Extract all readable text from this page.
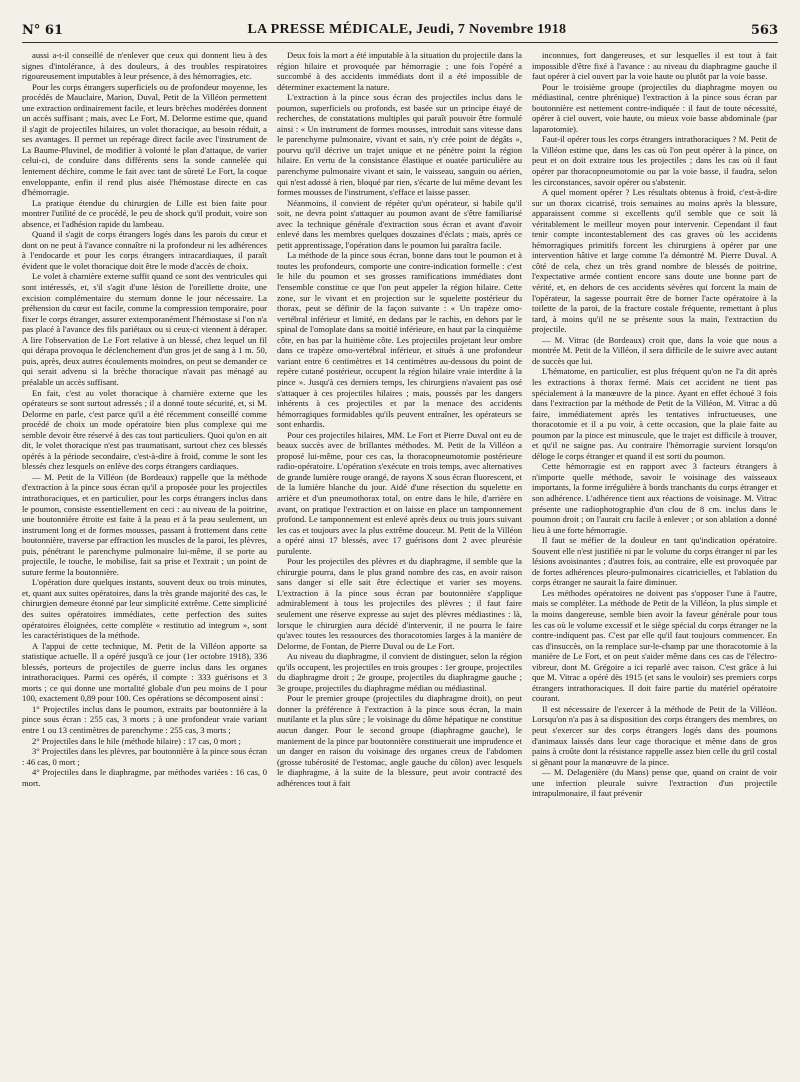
N° 61	LA PRESSE MÉDICALE, Jeudi, 7 Novembre 1918	563

aussi a-t-il conseillé de n'enlever que ceux qui donnent lieu à des signes d'intolérance, à des douleurs, à des troubles respiratoires rigoureusement imputables à leur présence, à des hémorragies, etc.

Pour les corps étrangers superficiels ou de profondeur moyenne, les procédés de Mauclaire, Marion, Duval, Petit de la Villéon permettent une extraction ordinairement facile, et leurs brèches modérées donnent un accès suffisant ; mais, avec Le Fort, M. Delorme estime que, quand il s'agit de projectiles hilaires, un volet thoracique, au besoin réduit, a ses avantages. Il permet un repérage direct facile avec l'instrument de La Baume-Pluvinel, de modifier à volonté le plan d'attaque, de varier celui-ci, de conduire dans différents sens la sonde cannelée qui lentement déchire, comme le fait avec tant de sûreté Le Fort, la coque enveloppante, enfin il rend plus aisée l'hémostase directe en cas d'hémorragie.

La pratique étendue du chirurgien de Lille est bien faite pour montrer l'utilité de ce procédé, le peu de shock qu'il produit, voire son absence, et l'adhésion rapide du lambeau.

Quand il s'agit de corps étrangers logés dans les parois du cœur et dont on ne peut à l'avance connaître ni la profondeur ni les adhérences à l'endocarde et pour les corps étrangers intracardiaques, il paraît évident que le volet thoracique doit être le mode d'accès de choix.

Le volet à charnière externe suffit quand ce sont des ventricules qui sont intéressés, et, s'il s'agit d'une lésion de l'oreillette droite, une excision complémentaire du sternum donne le jour nécessaire. La préhension du cœur est facile, comme la compression temporaire, pour fixer le corps étranger, assurer extemporanément l'hémostase si l'on n'a pas placé à l'avance des fils pariétaux ou si ceux-ci viennent à déraper. A lire l'observation de Le Fort relative à un blessé, chez lequel un fil qui dérapa provoqua le déclenchement d'un gros jet de sang à 1 m. 50, puis, après, deux autres écoulements moindres, on peut se demander ce qui serait advenu si la brèche thoracique n'avait pas ménagé au préalable un accès suffisant.

En fait, c'est au volet thoracique à charnière externe que les opérateurs se sont surtout adressés ; il a donné toute sécurité, et, si M. Delorme en parle, c'est parce qu'il a été récemment conseillé comme procédé de choix un mode opératoire bien plus complexe qui me semble devoir être réservé à des cas tout particuliers. Quoi qu'on en ait dit, le volet thoracique n'est pas traumatisant, surtout chez ces blessés opérés à la période secondaire, c'est-à-dire à froid, comme le sont les blessés chez lesquels on enlève des corps étrangers cardiaques.

— M. Petit de la Villéon (de Bordeaux) rappelle que la méthode d'extraction à la pince sous écran qu'il a proposée pour les projectiles intrathoraciques, et en particulier, pour les corps étrangers inclus dans le poumon, consiste essentiellement en ceci : au niveau de la poitrine, une boutonnière étroite est faite à la peau et à la peau seulement, un instrument long et de formes mousses, passant à frottement dans cette boutonnière, traverse par effraction les muscles de la paroi, les plèvres, puis, pénétrant le parenchyme pulmonaire lui-même, il se porte au projectile, le touche, le mobilise, fait sa prise et l'extrait ; un point de suture ferme la boutonnière.

L'opération dure quelques instants, souvent deux ou trois minutes, et, quant aux suites opératoires, dans la très grande majorité des cas, le chirurgien demeure étonné par leur simplicité extrême. Cette simplicité des suites opératoires immédiates, cette perfection des suites opératoires éloignées, cette complète « restitutio ad integrum », sont les caractéristiques de la méthode.

A l'appui de cette technique, M. Petit de la Villéon apporte sa statistique actuelle. Il a opéré jusqu'à ce jour (1er octobre 1918), 336 blessés, porteurs de projectiles de guerre inclus dans les organes intrathoraciques. Parmi ces opérés, il compte : 333 guérisons et 3 morts ; ce qui donne une mortalité globale d'un peu moins de 1 pour 100, exactement 0,89 pour 100. Ces opérations se décomposent ainsi :

1° Projectiles inclus dans le poumon, extraits par boutonnière à la pince sous écran : 255 cas, 3 morts ; à une profondeur vraie variant entre 1 ou 13 centimètres de parenchyme : 255 cas, 3 morts ;

2° Projectiles dans le hile (méthode hilaire) : 17 cas, 0 mort ;

3° Projectiles dans les plèvres, par boutonnière à la pince sous écran : 46 cas, 0 mort ;

4° Projectiles dans le diaphragme, par méthodes variées : 16 cas, 0 mort.

Deux fois la mort a été imputable à la situation du projectile dans la région hilaire et provoquée par hémorragie ; une fois l'opéré a succombé à des accidents immédiats dont il a été impossible de déterminer exactement la nature.

L'extraction à la pince sous écran des projectiles inclus dans le poumon, superficiels ou profonds, est basée sur un principe étayé de recherches, de constatations multiples qui paraît pouvoir être formulé ainsi : « Un instrument de formes mousses, introduit sans vitesse dans le parenchyme pulmonaire, vivant et sain, n'y crée point de dégâts », pourvu qu'il décrive un trajet unique et ne pénètre point la région hilaire. En vertu de la consistance élastique et ouatée particulière au parenchyme pulmonaire vivant et sain, le vaisseau, sanguin ou aérien, qui n'est adossé à rien, bloqué par rien, s'écarte de lui même devant les formes mousses de l'instrument, s'efface et laisse passer.

Néanmoins, il convient de répéter qu'un opérateur, si habile qu'il soit, ne devra point s'attaquer au poumon avant de s'être familiarisé avec la technique générale d'extraction sous écran et avant d'avoir enlevé dans les membres quelques douzaines d'éclats ; mais, après ce petit apprentissage, l'opération dans le poumon lui paraîtra facile.

La méthode de la pince sous écran, bonne dans tout le poumon et à toutes les profondeurs, comporte une contre-indication formelle : c'est le hile du poumon et ses grosses ramifications immédiates dont l'ensemble constitue ce que l'on peut appeler la région hilaire. Cette zone, sur le vivant et en projection sur le squelette postérieur du thorax, peut se définir de la façon suivante : « Un trapèze omo-vertébral inférieur et limité, en dedans par le rachis, en dehors par le spinal de l'omoplate dans sa moitié inférieure, en haut par la cinquième côte, en bas par la huitième côte. Les projectiles projetant leur ombre dans ce trapèze omo-vertébral inférieur, et situés à une profondeur variant entre 6 centimètres et 14 centimètres au-dessous du point de repère cutané postérieur, occupent la région hilaire vraie interdite à la pince ». Jusqu'à ces derniers temps, les chirurgiens n'avaient pas osé s'attaquer à ces projectiles hilaires ; mais, poussés par les dangers inhérents à ces projectiles et par la menace des accidents hémorragiques formidables qu'ils peuvent entraîner, les opérateurs se sont enhardis.

Pour ces projectiles hilaires, MM. Le Fort et Pierre Duval ont eu de beaux succès avec de brillantes méthodes. M. Petit de la Villéon a proposé lui-même, pour ces cas, la thoracopneumotomie postérieure radio-opératoire. L'opération s'exécute en trois temps, avec alternatives de grande lumière rouge orangé, de rayons X sous écran fluorescent, et de la lumière blanche du jour. Aidé d'une résection du squelette en arrière et d'un pneumothorax total, on entre dans le hile, d'arrière en avant, on pratique l'extraction et on laisse en place un tamponnement profond. Le tamponnement est enlevé après deux ou trois jours suivant les cas et toujours avec la plus extrême douceur. M. Petit de la Villéon a opéré ainsi 17 blessés, avec 17 guérisons dont 2 avec pleurésie purulente.

Pour les projectiles des plèvres et du diaphragme, il semble que la chirurgie pourra, dans le plus grand nombre des cas, en avoir raison sans danger si elle sait être éclectique et varier ses moyens. L'extraction à la pince sous écran par boutonnière s'applique admirablement à tous les projectiles des plèvres ; il faut faire seulement une réserve expresse au sujet des plèvres médiastines : là, lorsque le chirurgien aura décidé d'intervenir, il ne pourra le faire qu'avec toutes les ressources des thoracotomies larges à la manière de Delorme, de Fontan, de Pierre Duval ou de Le Fort.

Au niveau du diaphragme, il convient de distinguer, selon la région qu'ils occupent, les projectiles en trois groupes : 1er groupe, projectiles du diaphragme droit ; 2e groupe, projectiles du diaphragme gauche ; 3e groupe, projectiles du diaphragme médian ou médiastinal.

Pour le premier groupe (projectiles du diaphragme droit), on peut donner la préférence à l'extraction à la pince sous écran, la main mutilante et la plus sûre ; le voisinage du dôme hépatique ne constitue aucun danger. Pour le second groupe (diaphragme gauche), le maniement de la pince par boutonnière constituerait une imprudence et un danger en raison du voisinage des organes creux de l'abdomen (grosse tubérosité de l'estomac, angle gauche du côlon) avec lesquels le diaphragme, à la suite de la blessure, peut avoir contracté des adhérences tout à fait

inconnues, fort dangereuses, et sur lesquelles il est tout à fait impossible d'être fixé à l'avance : au niveau du diaphragme gauche il faut opérer à ciel ouvert par la voie haute ou plutôt par la voie basse.

Pour le troisième groupe (projectiles du diaphragme moyen ou médiastinal, centre phrénique) l'extraction à la pince sous écran par boutonnière est nettement contre-indiquée : il faut de toute nécessité, opérer à ciel ouvert, voie haute, ou mieux voie basse abdominale (par laparotomie).

Faut-il opérer tous les corps étrangers intrathoraciques ? M. Petit de la Villéon estime que, dans les cas où l'on peut opérer à la pince, on peut et on doit extraire tous les projectiles ; dans les cas où il faut opérer par thoracopneumotomie ou par la voie basse, il faudra, selon les circonstances, savoir opérer ou s'abstenir.

A quel moment opérer ? Les résultats obtenus à froid, c'est-à-dire sur un thorax cicatrisé, trois semaines au moins après la blessure, apparaissent comme si excellents qu'il semble que ce soit là véritablement le meilleur moyen pour intervenir. Cependant il faut tenir compte incontestablement des cas graves où les accidents hémorragiques primitifs forcent les chirurgiens à opérer par une intervention hâtive et large comme l'a démontré M. Pierre Duval. A côté de cela, chez un très grand nombre de blessés de poitrine, l'expectative armée contient encore sans doute une bonne part de vérité, et, en dehors de ces accidents sévères qui forcent la main de l'opérateur, la sagesse pourrait être de borner l'acte opératoire à la toilette de la paroi, de la fracture costale fréquente, remettant à plus tard, à moins qu'il ne se présente sous la main, l'extraction du projectile.

— M. Vitrac (de Bordeaux) croit que, dans la voie que nous a montrée M. Petit de la Villéon, il sera difficile de le suivre avec autant de succès que lui.

L'hématome, en particulier, est plus fréquent qu'on ne l'a dit après les extractions à thorax fermé. Mais cet accident ne tient pas spécialement à la manœuvre de la pince. Ayant en effet échoué 3 fois dans l'extraction par la méthode de Petit de la Villéon, M. Vitrac a dû faire, immédiatement après les tentatives infructueuses, une thoracotomie et il a pu voir, à cette occasion, que la plaie faite au poumon par la pince est minuscule, que le trajet est difficile à trouver, et qu'il ne saigne pas. Au contraire l'hémorragie survient lorsqu'on déloge le corps étranger et quand il est sorti du poumon.

Cette hémorragie est en rapport avec 3 facteurs étrangers à n'importe quelle méthode, savoir le voisinage des vaisseaux importants, la forme irrégulière à bords tranchants du corps étranger et son adhérence. L'adhérence tient aux réactions de voisinage. M. Vitrac présente une radiophotographie d'un clou de 8 cm. inclus dans le poumon droit ; on l'aurait cru facile à enlever ; or son ablation a donné lieu à une forte hémorragie.

Il faut se méfier de la douleur en tant qu'indication opératoire. Souvent elle n'est justifiée ni par le volume du corps étranger ni par les lésions avoisinantes ; d'autres fois, au contraire, elle est provoquée par de fortes adhérences pleuro-pulmonaires cicatricielles, et l'ablation du corps étranger ne saurait la faire diminuer.

Les méthodes opératoires ne doivent pas s'opposer l'une à l'autre, mais se compléter. La méthode de Petit de la Villéon, la plus simple et la moins dangereuse, semble bien avoir la faveur générale pour tous les cas où le volume excessif et le siège spécial du corps étranger ne la contre-indiquent pas. C'est par elle qu'il faut toujours commencer. En cas d'insuccès, on la remplace sur-le-champ par une thoracotomie à la manière de Le Fort, et on peut s'aider même dans ces cas de l'électro-vibreur, dont M. Grégoire a ici reparlé avec raison. C'est grâce à lui que M. Vitrac a opéré dès 1915 (et sans le vouloir) ses premiers corps étrangers intrathoraciques. Il doit faire partie du matériel opératoire courant.

Il est nécessaire de l'exercer à la méthode de Petit de la Villéon. Lorsqu'on n'a pas à sa disposition des corps étrangers des membres, on peut s'exercer sur des corps étrangers logés dans des poumons d'animaux laissés dans leur cage thoracique et même dans de gros pains à croûte dont la résistance rappelle assez bien celle du gril costal si gênant pour la manœuvre de la pince.

— M. Delagenière (du Mans) pense que, quand on craint de voir une infection pleurale suivre l'extraction d'un projectile intrapulmonaire, il faut prévenir
